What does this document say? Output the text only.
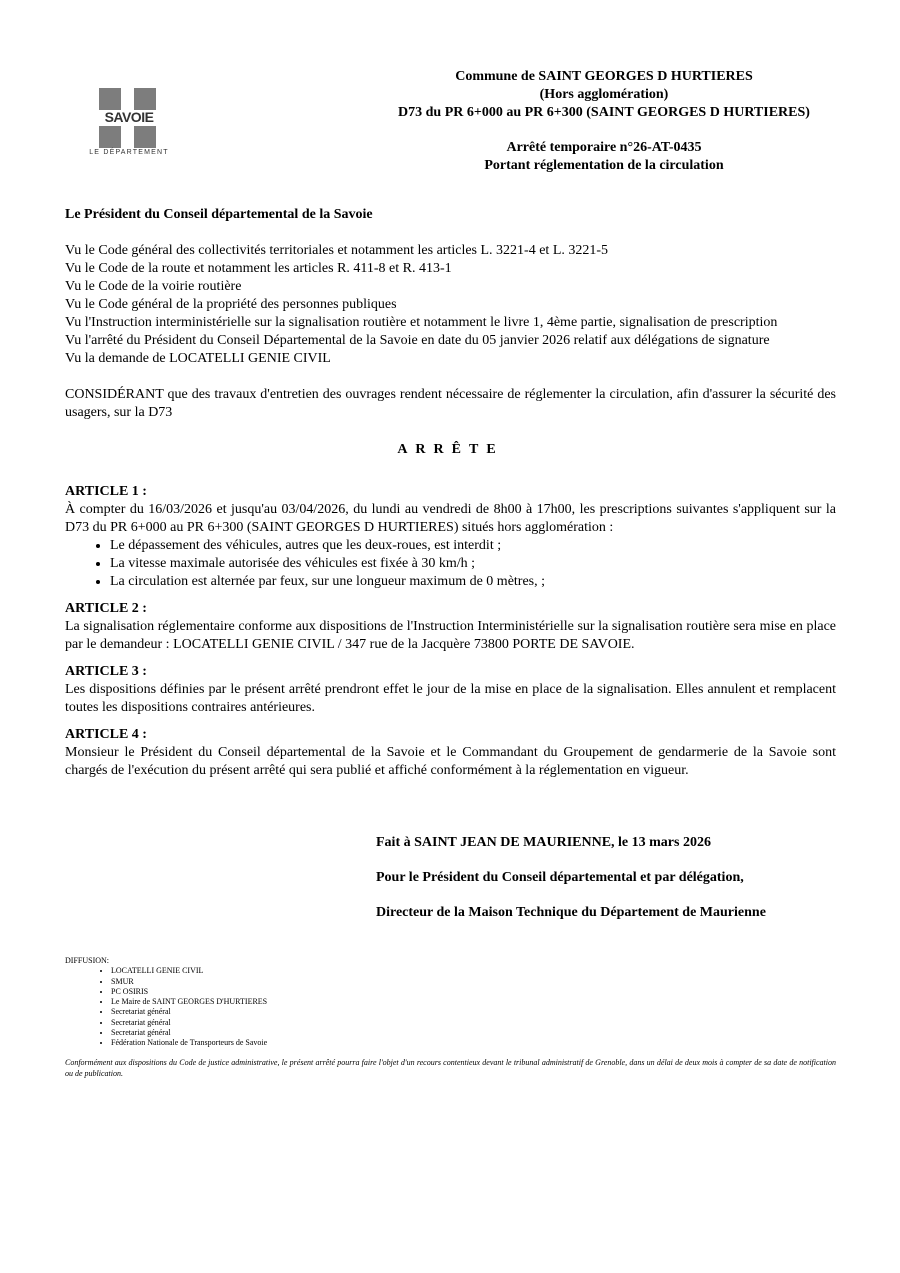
SAVOIE
LE DÉPARTEMENT
Commune de SAINT GEORGES D HURTIERES
(Hors agglomération)
D73 du PR 6+000 au PR 6+300 (SAINT GEORGES D HURTIERES)
Arrêté temporaire n°26-AT-0435
Portant réglementation de la circulation

Le Président du Conseil départemental de la Savoie

Vu le Code général des collectivités territoriales et notamment les articles L. 3221-4 et L. 3221-5

Vu le Code de la route et notamment les articles R. 411-8 et R. 413-1

Vu le Code de la voirie routière

Vu le Code général de la propriété des personnes publiques

Vu l'Instruction interministérielle sur la signalisation routière et notamment le livre 1, 4ème partie, signalisation de prescription

Vu l'arrêté du Président du Conseil Départemental de la Savoie en date du 05 janvier 2026 relatif aux délégations de signature

Vu la demande de LOCATELLI GENIE CIVIL

CONSIDÉRANT que des travaux d'entretien des ouvrages rendent nécessaire de réglementer la circulation, afin d'assurer la sécurité des usagers, sur la D73

ARRÊTE

ARTICLE 1 :
À compter du 16/03/2026 et jusqu'au 03/04/2026, du lundi au vendredi de 8h00 à 17h00, les prescriptions suivantes s'appliquent sur la D73 du PR 6+000 au PR 6+300 (SAINT GEORGES D HURTIERES) situés hors agglomération :
• Le dépassement des véhicules, autres que les deux-roues, est interdit ;
• La vitesse maximale autorisée des véhicules est fixée à 30 km/h ;
• La circulation est alternée par feux, sur une longueur maximum de 0 mètres, ;
ARTICLE 2 :
La signalisation réglementaire conforme aux dispositions de l'Instruction Interministérielle sur la signalisation routière sera mise en place par le demandeur : LOCATELLI GENIE CIVIL / 347 rue de la Jacquère 73800 PORTE DE SAVOIE.
ARTICLE 3 :
Les dispositions définies par le présent arrêté prendront effet le jour de la mise en place de la signalisation. Elles annulent et remplacent toutes les dispositions contraires antérieures.
ARTICLE 4 :
Monsieur le Président du Conseil départemental de la Savoie et le Commandant du Groupement de gendarmerie de la Savoie sont chargés de l'exécution du présent arrêté qui sera publié et affiché conformément à la réglementation en vigueur.

Fait à SAINT JEAN DE MAURIENNE, le 13 mars 2026

Pour le Président du Conseil départemental et par délégation,

Directeur de la Maison Technique du Département de Maurienne

DIFFUSION:
• LOCATELLI GENIE CIVIL
• SMUR
• PC OSIRIS
• Le Maire de SAINT GEORGES D'HURTIERES
• Secretariat général
• Secretariat général
• Secretariat général
• Fédération Nationale de Transporteurs de Savoie
Conformément aux dispositions du Code de justice administrative, le présent arrêté pourra faire l'objet d'un recours contentieux devant le tribunal administratif de Grenoble, dans un délai de deux mois à compter de sa date de notification ou de publication.
